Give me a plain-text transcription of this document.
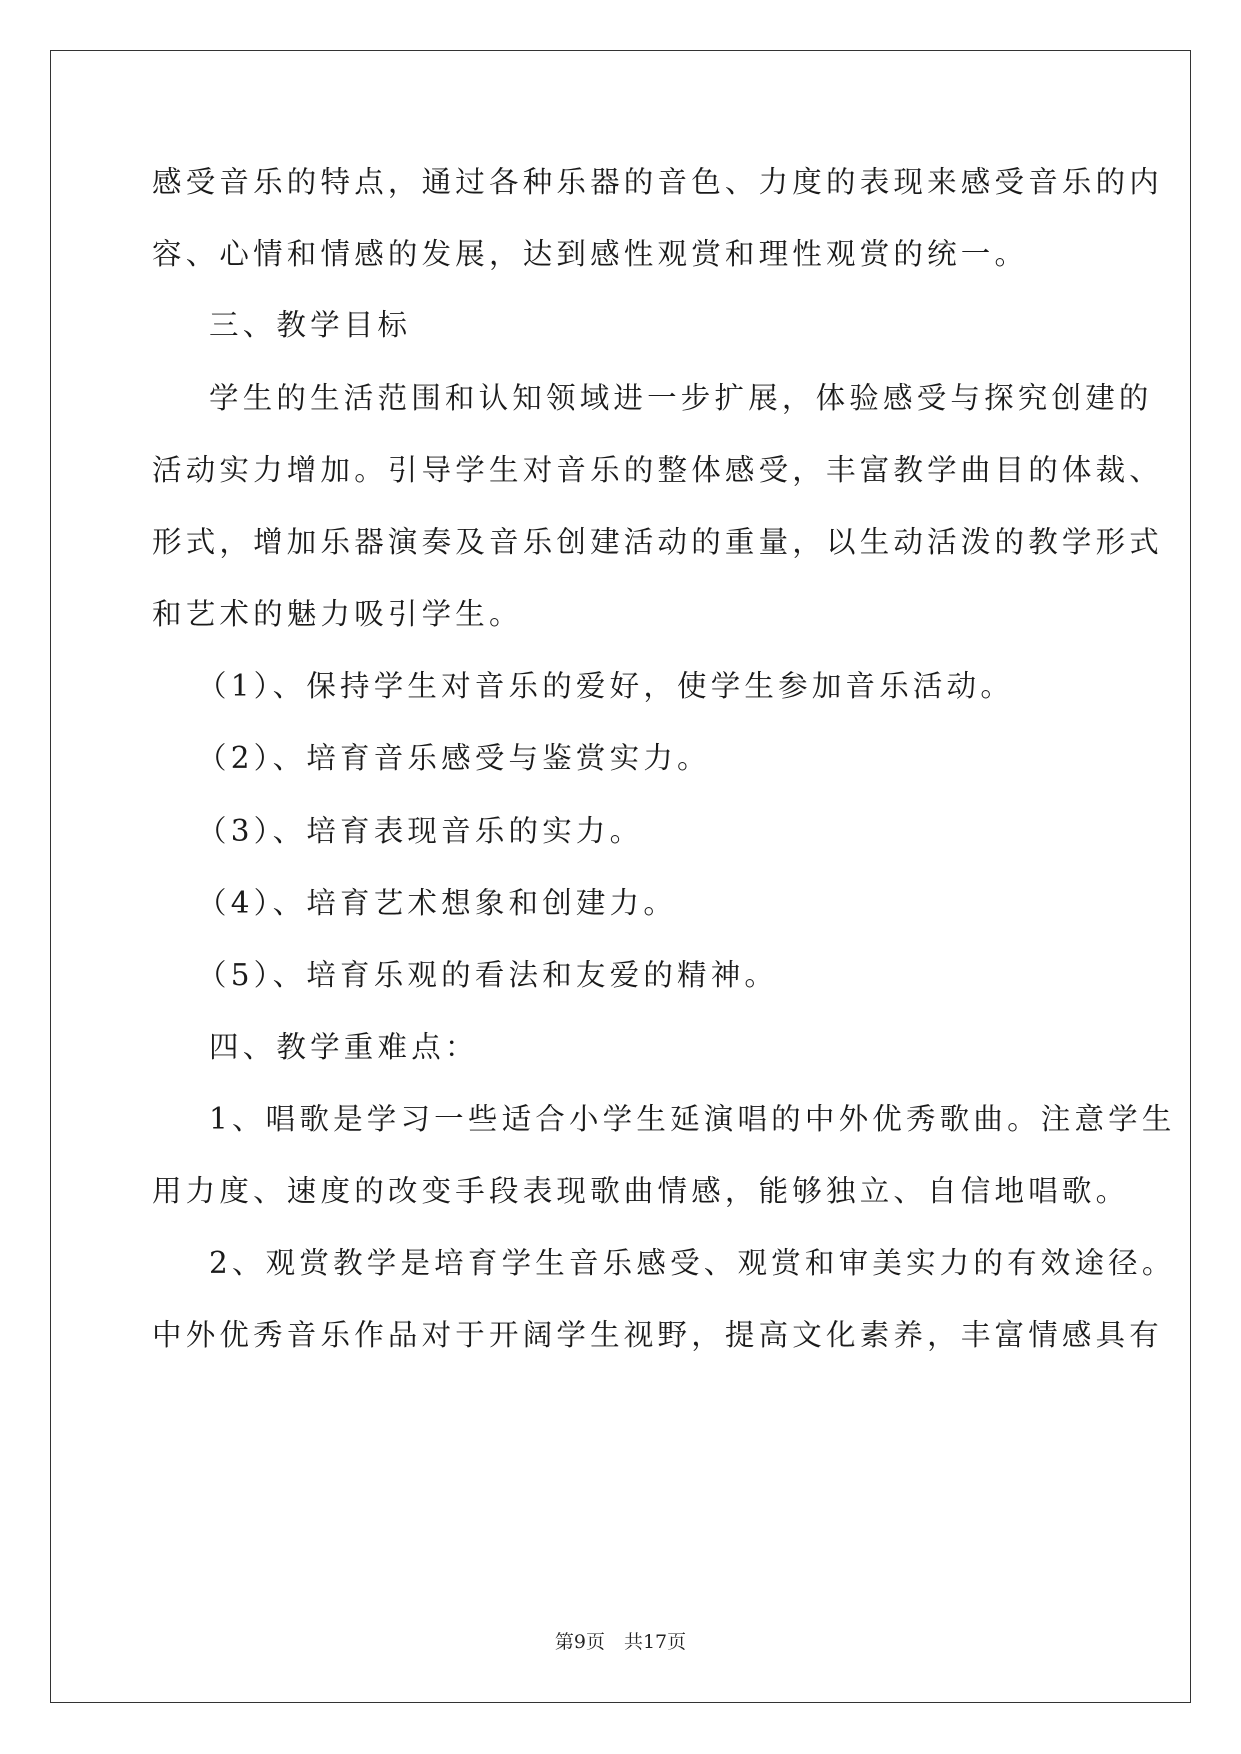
感受音乐的特点，通过各种乐器的音色、力度的表现来感受音乐的内
容、心情和情感的发展，达到感性观赏和理性观赏的统一。
三、教学目标
学生的生活范围和认知领域进一步扩展，体验感受与探究创建的
活动实力增加。引导学生对音乐的整体感受，丰富教学曲目的体裁、
形式，增加乐器演奏及音乐创建活动的重量，以生动活泼的教学形式
和艺术的魅力吸引学生。
（1）、保持学生对音乐的爱好，使学生参加音乐活动。
（2）、培育音乐感受与鉴赏实力。
（3）、培育表现音乐的实力。
（4）、培育艺术想象和创建力。
（5）、培育乐观的看法和友爱的精神。
四、教学重难点：
1、唱歌是学习一些适合小学生延演唱的中外优秀歌曲。注意学生
用力度、速度的改变手段表现歌曲情感，能够独立、自信地唱歌。
2、观赏教学是培育学生音乐感受、观赏和审美实力的有效途径。
中外优秀音乐作品对于开阔学生视野，提高文化素养，丰富情感具有
第9页　共17页
